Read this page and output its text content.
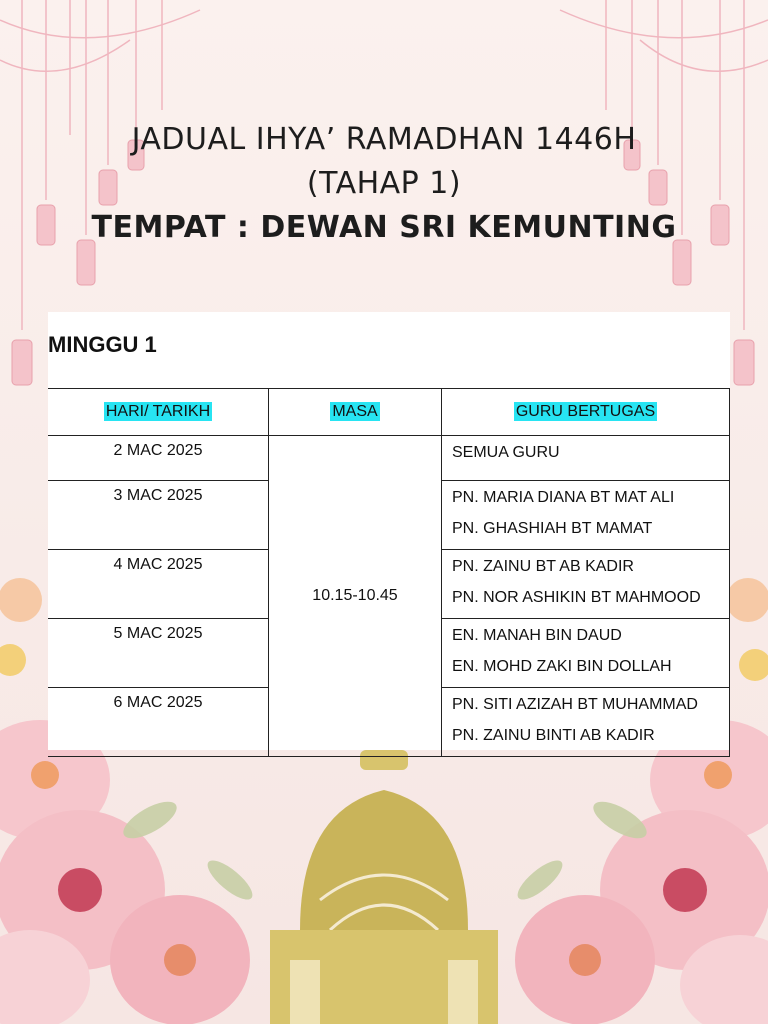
JADUAL IHYA’ RAMADHAN 1446H
(TAHAP 1)
TEMPAT : DEWAN SRI KEMUNTING
MINGGU 1
HARI/ TARIKH	MASA	GURU BERTUGAS
2 MAC 2025	10.15-10.45	SEMUA GURU

3 MAC 2025		PN. MARIA DIANA BT MAT ALI
PN. GHASHIAH BT MAMAT

4 MAC 2025		PN. ZAINU BT AB KADIR
PN. NOR ASHIKIN BT MAHMOOD

5 MAC 2025		EN. MANAH BIN DAUD
EN. MOHD ZAKI BIN DOLLAH

6 MAC 2025		PN. SITI AZIZAH BT MUHAMMAD
PN. ZAINU BINTI AB KADIR
